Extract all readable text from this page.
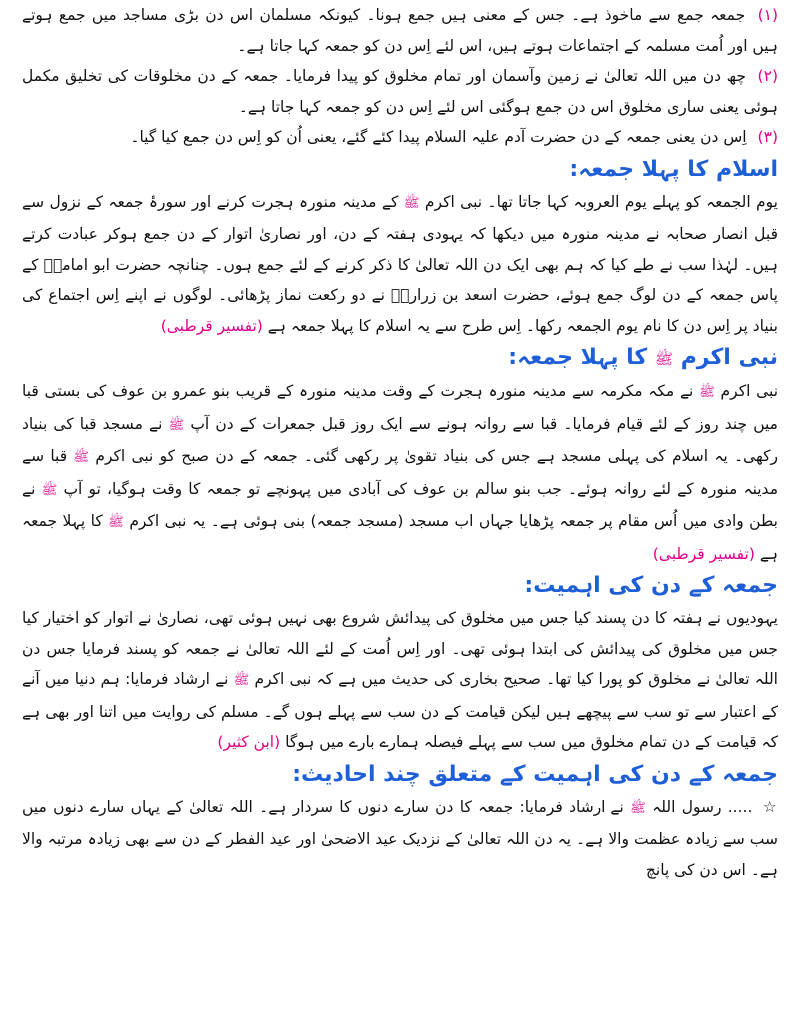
(۱) جمعہ جمع سے ماخوذ ہے۔ جس کے معنی ہیں جمع ہونا۔ کیونکہ مسلمان اس دن بڑی مساجد میں جمع ہوتے ہیں اور اُمت مسلمہ کے اجتماعات ہوتے ہیں، اس لئے اِس دن کو جمعہ کہا جاتا ہے۔

(۲) چھ دن میں اللہ تعالیٰ نے زمین وآسمان اور تمام مخلوق کو پیدا فرمایا۔ جمعہ کے دن مخلوقات کی تخلیق مکمل ہوئی یعنی ساری مخلوق اس دن جمع ہوگئی اس لئے اِس دن کو جمعہ کہا جاتا ہے۔

(۳) اِس دن یعنی جمعہ کے دن حضرت آدم علیہ السلام پیدا کئے گئے، یعنی اُن کو اِس دن جمع کیا گیا۔

اسلام کا پہلا جمعہ:

یوم الجمعہ کو پہلے یوم العروبہ کہا جاتا تھا۔ نبی اکرم ﷺ کے مدینہ منورہ ہجرت کرنے اور سورۂ جمعہ کے نزول سے قبل انصار صحابہ نے مدینہ منورہ میں دیکھا کہ یہودی ہفتہ کے دن، اور نصاریٰ اتوار کے دن جمع ہوکر عبادت کرتے ہیں۔ لہٰذا سب نے طے کیا کہ ہم بھی ایک دن اللہ تعالیٰ کا ذکر کرنے کے لئے جمع ہوں۔ چنانچہ حضرت ابو امامہؓ کے پاس جمعہ کے دن لوگ جمع ہوئے، حضرت اسعد بن زرارہؓ نے دو رکعت نماز پڑھائی۔ لوگوں نے اپنے اِس اجتماع کی بنیاد پر اِس دن کا نام یوم الجمعہ رکھا۔ اِس طرح سے یہ اسلام کا پہلا جمعہ ہے (تفسیر قرطبی)

نبی اکرم ﷺ کا پہلا جمعہ:

نبی اکرم ﷺ نے مکہ مکرمہ سے مدینہ منورہ ہجرت کے وقت مدینہ منورہ کے قریب بنو عمرو بن عوف کی بستی قبا میں چند روز کے لئے قیام فرمایا۔ قبا سے روانہ ہونے سے ایک روز قبل جمعرات کے دن آپ ﷺ نے مسجد قبا کی بنیاد رکھی۔ یہ اسلام کی پہلی مسجد ہے جس کی بنیاد تقویٰ پر رکھی گئی۔ جمعہ کے دن صبح کو نبی اکرم ﷺ قبا سے مدینہ منورہ کے لئے روانہ ہوئے۔ جب بنو سالم بن عوف کی آبادی میں پہونچے تو جمعہ کا وقت ہوگیا، تو آپ ﷺ نے بطن وادی میں اُس مقام پر جمعہ پڑھایا جہاں اب مسجد (مسجد جمعہ) بنی ہوئی ہے۔ یہ نبی اکرم ﷺ کا پہلا جمعہ ہے (تفسیر قرطبی)

جمعہ کے دن کی اہمیت:

یہودیوں نے ہفتہ کا دن پسند کیا جس میں مخلوق کی پیدائش شروع بھی نہیں ہوئی تھی، نصاریٰ نے اتوار کو اختیار کیا جس میں مخلوق کی پیدائش کی ابتدا ہوئی تھی۔ اور اِس اُمت کے لئے اللہ تعالیٰ نے جمعہ کو پسند فرمایا جس دن اللہ تعالیٰ نے مخلوق کو پورا کیا تھا۔ صحیح بخاری کی حدیث میں ہے کہ نبی اکرم ﷺ نے ارشاد فرمایا: ہم دنیا میں آنے کے اعتبار سے تو سب سے پیچھے ہیں لیکن قیامت کے دن سب سے پہلے ہوں گے۔ مسلم کی روایت میں اتنا اور بھی ہے کہ قیامت کے دن تمام مخلوق میں سب سے پہلے فیصلہ ہمارے بارے میں ہوگا (ابن کثیر)

جمعہ کے دن کی اہمیت کے متعلق چند احادیث:

☆ ..... رسول اللہ ﷺ نے ارشاد فرمایا: جمعہ کا دن سارے دنوں کا سردار ہے۔ اللہ تعالیٰ کے یہاں سارے دنوں میں سب سے زیادہ عظمت والا ہے۔ یہ دن اللہ تعالیٰ کے نزدیک عید الاضحیٰ اور عید الفطر کے دن سے بھی زیادہ مرتبہ والا ہے۔ اس دن کی پانچ
